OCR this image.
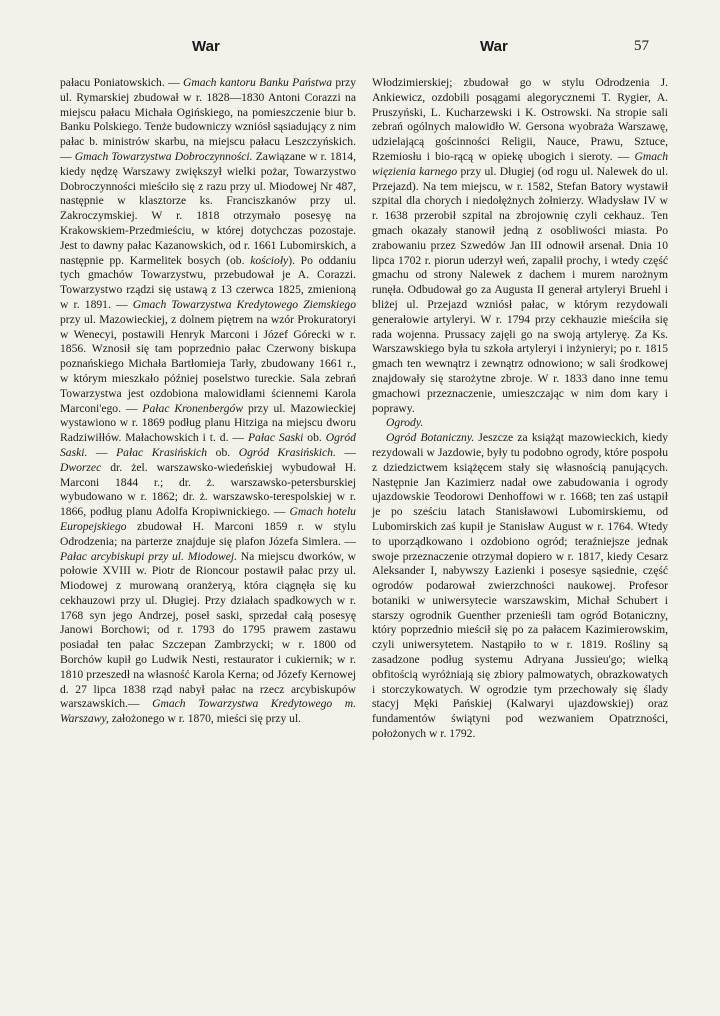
War	War	57

pałacu Poniatowskich. — Gmach kantoru Banku Państwa przy ul. Rymarskiej zbudował w r. 1828—1830 Antoni Corazzi na miejscu pałacu Michała Ogińskiego, na pomieszczenie biur b. Banku Polskiego. Tenże budowniczy wzniósł sąsiadujący z nim pałac b. ministrów skarbu, na miejscu pałacu Leszczyńskich. — Gmach Towarzystwa Dobroczynności. Zawiązane w r. 1814, kiedy nędzę Warszawy zwiększył wielki pożar, Towarzystwo Dobroczynności mieściło się z razu przy ul. Miodowej Nr 487, następnie w klasztorze ks. Franciszkanów przy ul. Zakroczymskiej. W r. 1818 otrzymało posesyę na Krakowskiem-Przedmieściu, w której dotychczas pozostaje. Jest to dawny pałac Kazanowskich, od r. 1661 Lubomirskich, a następnie pp. Karmelitek bosych (ob. kościoły). Po oddaniu tych gmachów Towarzystwu, przebudował je A. Corazzi. Towarzystwo rządzi się ustawą z 13 czerwca 1825, zmienioną w r. 1891. — Gmach Towarzystwa Kredytowego Ziemskiego przy ul. Mazowieckiej, z dolnem piętrem na wzór Prokuratoryi w Wenecyi, postawili Henryk Marconi i Józef Górecki w r. 1856. Wznosił się tam poprzednio pałac Czerwony biskupa poznańskiego Michała Bartłomieja Tarły, zbudowany 1661 r., w którym mieszkało później poselstwo tureckie. Sala zebrań Towarzystwa jest ozdobiona malowidłami ściennemi Karola Marconi'ego. — Pałac Kronenbergów przy ul. Mazowieckiej wystawiono w r. 1869 podług planu Hitziga na miejscu dworu Radziwiłłów. Małachowskich i t. d. — Pałac Saski ob. Ogród Saski. — Pałac Krasińskich ob. Ogród Krasińskich. — Dworzec dr. żel. warszawsko-wiedeńskiej wybudował H. Marconi 1844 r.; dr. ż. warszawsko-petersburskiej wybudowano w r. 1862; dr. ż. warszawsko-terespolskiej w r. 1866, podług planu Adolfa Kropiwnickiego. — Gmach hotelu Europejskiego zbudował H. Marconi 1859 r. w stylu Odrodzenia; na parterze znajduje się plafon Józefa Simlera. — Pałac arcybiskupi przy ul. Miodowej. Na miejscu dworków, w połowie XVIII w. Piotr de Rioncour postawił pałac przy ul. Miodowej z murowaną oranżeryą, która ciągnęła się ku cekhauzowi przy ul. Długiej. Przy działach spadkowych w r. 1768 syn jego Andrzej, poseł saski, sprzedał całą posesyę Janowi Borchowi; od r. 1793 do 1795 prawem zastawu posiadał ten pałac Szczepan Zambrzycki; w r. 1800 od Borchów kupił go Ludwik Nesti, restaurator i cukiernik; w r. 1810 przeszedł na własność Karola Kerna; od Józefy Kernowej d. 27 lipca 1838 rząd nabył pałac na rzecz arcybiskupów warszawskich.— Gmach Towarzystwa Kredytowego m. Warszawy, założonego w r. 1870, mieści się przy ul.

Włodzimierskiej; zbudował go w stylu Odrodzenia J. Ankiewicz, ozdobili posągami alegorycznemi T. Rygier, A. Pruszyński, L. Kucharzewski i K. Ostrowski. Na stropie sali zebrań ogólnych malowidło W. Gersona wyobraża Warszawę, udzielającą gościnności Religii, Nauce, Prawu, Sztuce, Rzemiosłu i bio-rącą w opiekę ubogich i sieroty. — Gmach więzienia karnego przy ul. Długiej (od rogu ul. Nalewek do ul. Przejazd). Na tem miejscu, w r. 1582, Stefan Batory wystawił szpital dla chorych i niedołężnych żołnierzy. Władysław IV w r. 1638 przerobił szpital na zbrojownię czyli cekhauz. Ten gmach okazały stanowił jedną z osobliwości miasta. Po zrabowaniu przez Szwedów Jan III odnowił arsenał. Dnia 10 lipca 1702 r. piorun uderzył weń, zapalił prochy, i wtedy część gmachu od strony Nalewek z dachem i murem narożnym runęła. Odbudował go za Augusta II generał artyleryi Bruehl i bliżej ul. Przejazd wzniósł pałac, w którym rezydowali generałowie artyleryi. W r. 1794 przy cekhauzie mieściła się rada wojenna. Prussacy zajęli go na swoją artyleryę. Za Ks. Warszawskiego była tu szkoła artyleryi i inżynieryi; po r. 1815 gmach ten wewnątrz i zewnątrz odnowiono; w sali środkowej znajdowały się starożytne zbroje. W r. 1833 dano inne temu gmachowi przeznaczenie, umieszczając w nim dom kary i poprawy.

Ogrody.

Ogród Botaniczny. Jeszcze za książąt mazowieckich, kiedy rezydowali w Jazdowie, były tu podobno ogrody, które pospołu z dziedzictwem książęcem stały się własnością panujących. Następnie Jan Kazimierz nadał owe zabudowania i ogrody ujazdowskie Teodorowi Denhoffowi w r. 1668; ten zaś ustąpił je po sześciu latach Stanisławowi Lubomirskiemu, od Lubomirskich zaś kupił je Stanisław August w r. 1764. Wtedy to uporządkowano i ozdobiono ogród; teraźniejsze jednak swoje przeznaczenie otrzymał dopiero w r. 1817, kiedy Cesarz Aleksander I, nabywszy Łazienki i posesye sąsiednie, część ogrodów podarował zwierzchności naukowej. Profesor botaniki w uniwersytecie warszawskim, Michał Schubert i starszy ogrodnik Guenther przenieśli tam ogród Botaniczny, który poprzednio mieścił się po za pałacem Kazimierowskim, czyli uniwersytetem. Nastąpiło to w r. 1819. Rośliny są zasadzone podług systemu Adryana Jussieu'go; wielką obfitością wyróżniają się zbiory palmowatych, obrazkowatych i storczykowatych. W ogrodzie tym przechowały się ślady stacyj Męki Pańskiej (Kalwaryi ujazdowskiej) oraz fundamentów świątyni pod wezwaniem Opatrzności, położonych w r. 1792.
